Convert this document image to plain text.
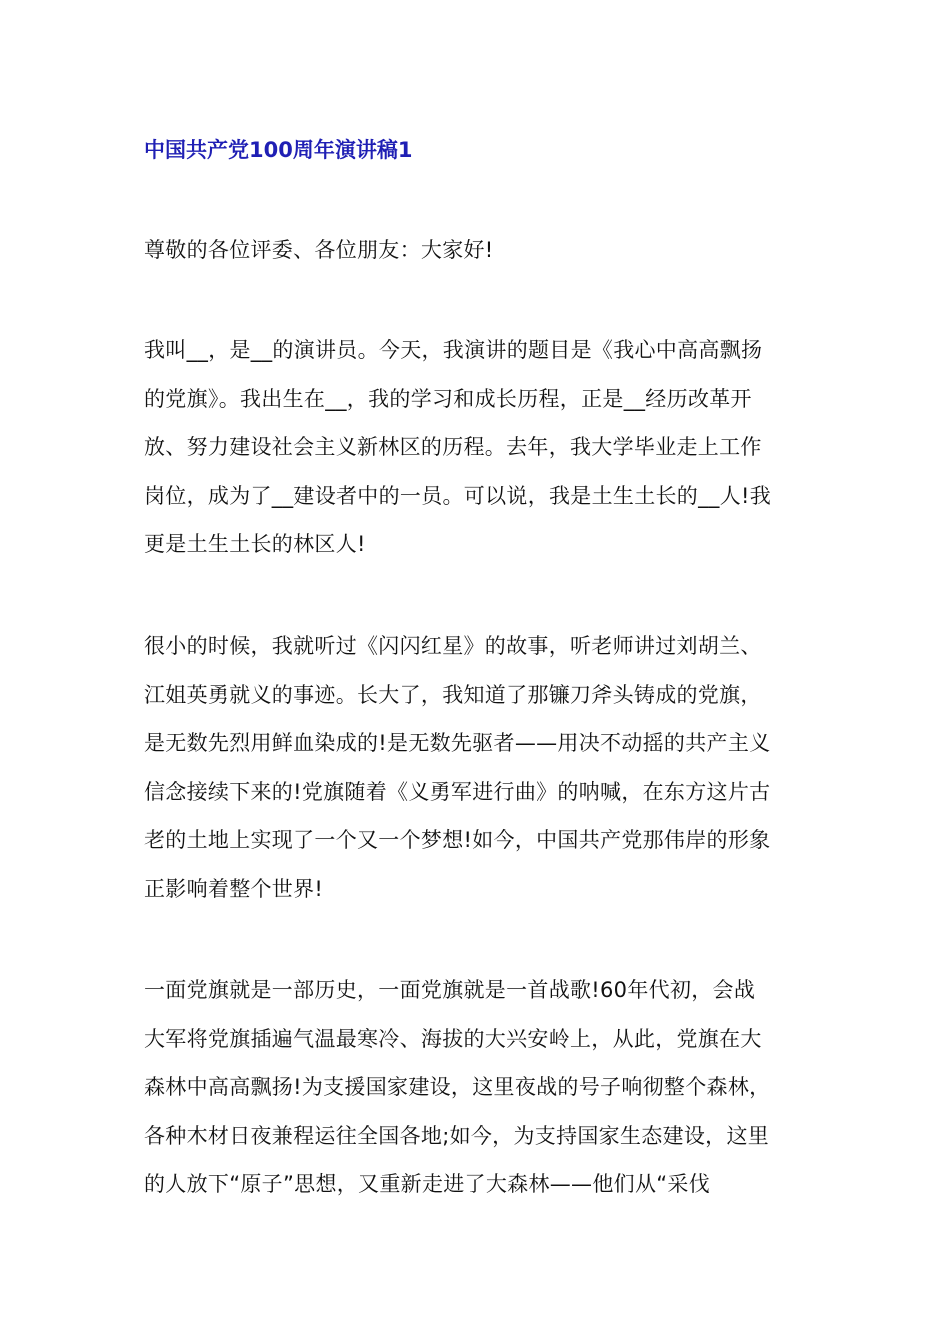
中国共产党100周年演讲稿1
尊敬的各位评委、各位朋友：大家好!
我叫__，是__的演讲员。今天，我演讲的题目是《我心中高高飘扬
的党旗》。我出生在__，我的学习和成长历程，正是__经历改革开
放、努力建设社会主义新林区的历程。去年，我大学毕业走上工作
岗位，成为了__建设者中的一员。可以说，我是土生土长的__人!我
更是土生土长的林区人!
很小的时候，我就听过《闪闪红星》的故事，听老师讲过刘胡兰、
江姐英勇就义的事迹。长大了，我知道了那镰刀斧头铸成的党旗，
是无数先烈用鲜血染成的!是无数先驱者——用决不动摇的共产主义
信念接续下来的!党旗随着《义勇军进行曲》的呐喊，在东方这片古
老的土地上实现了一个又一个梦想!如今，中国共产党那伟岸的形象
正影响着整个世界!
一面党旗就是一部历史，一面党旗就是一首战歌!60年代初，会战
大军将党旗插遍气温最寒冷、海拔的大兴安岭上，从此，党旗在大
森林中高高飘扬!为支援国家建设，这里夜战的号子响彻整个森林，
各种木材日夜兼程运往全国各地;如今，为支持国家生态建设，这里
的人放下“原子”思想，又重新走进了大森林——他们从“采伐
